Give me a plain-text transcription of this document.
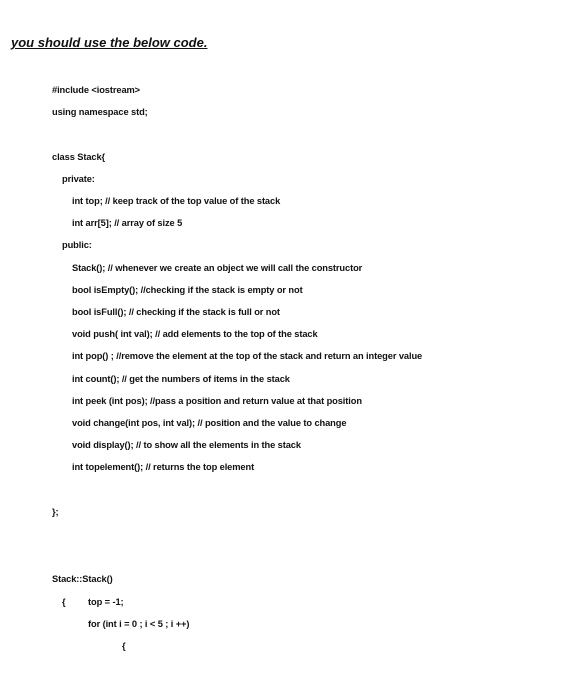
you should use the below code.
#include <iostream>
using namespace std;
class Stack{
private:
int top; // keep track of the top value of the stack
int arr[5]; // array of size 5
public:
Stack(); // whenever we create an object we will call the constructor
bool isEmpty(); //checking if the stack is empty or not
bool isFull(); // checking if the stack is full or not
void push( int val); // add elements to the top of the stack
int pop() ; //remove the element at the top of the stack and return an integer value
int count(); // get the numbers of items in the stack
int peek (int pos); //pass a position and return value at that position
void change(int pos, int val); // position and the value to change
void display(); // to show all the elements in the stack
int topelement(); // returns the top element
};
Stack::Stack()
{ top = -1;
for (int i = 0 ; i < 5 ; i ++)
{
